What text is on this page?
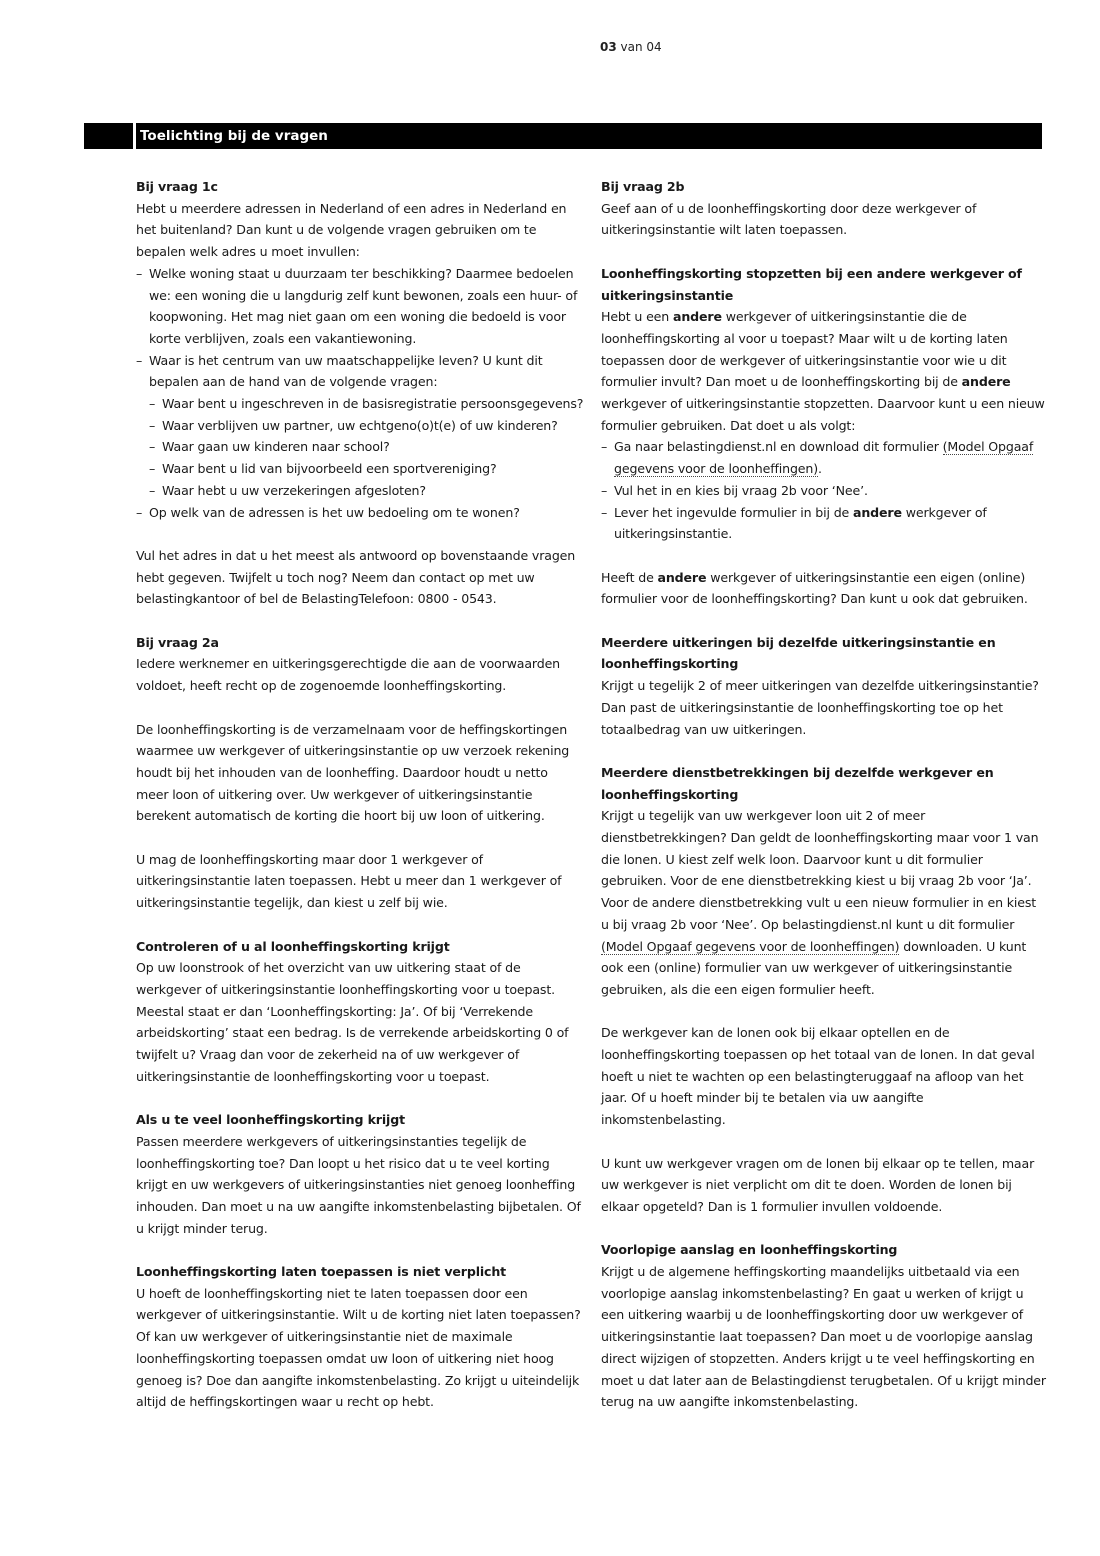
03 van 04
Toelichting bij de vragen

Bij vraag 1c

Hebt u meerdere adressen in Nederland of een adres in Nederland en het buitenland? Dan kunt u de volgende vragen gebruiken om te bepalen welk adres u moet invullen:

– Welke woning staat u duurzaam ter beschikking? Daarmee bedoelen we: een woning die u langdurig zelf kunt bewonen, zoals een huur- of koopwoning. Het mag niet gaan om een woning die bedoeld is voor korte verblijven, zoals een vakantiewoning.
– Waar is het centrum van uw maatschappelijke leven? U kunt dit bepalen aan de hand van de volgende vragen:
– Waar bent u ingeschreven in de basisregistratie persoonsgegevens?
– Waar verblijven uw partner, uw echtgeno(o)t(e) of uw kinderen?
– Waar gaan uw kinderen naar school?
– Waar bent u lid van bijvoorbeeld een sportvereniging?
– Waar hebt u uw verzekeringen afgesloten?
– Op welk van de adressen is het uw bedoeling om te wonen?

Vul het adres in dat u het meest als antwoord op bovenstaande vragen hebt gegeven. Twijfelt u toch nog? Neem dan contact op met uw belastingkantoor of bel de BelastingTelefoon: 0800 - 0543.

Bij vraag 2a

Iedere werknemer en uitkeringsgerechtigde die aan de voorwaarden voldoet, heeft recht op de zogenoemde loonheffingskorting.

De loonheffingskorting is de verzamelnaam voor de heffingskortingen waarmee uw werkgever of uitkeringsinstantie op uw verzoek rekening houdt bij het inhouden van de loonheffing. Daardoor houdt u netto meer loon of uitkering over. Uw werkgever of uitkeringsinstantie berekent automatisch de korting die hoort bij uw loon of uitkering.

U mag de loonheffingskorting maar door 1 werkgever of uitkeringsinstantie laten toepassen. Hebt u meer dan 1 werkgever of uitkeringsinstantie tegelijk, dan kiest u zelf bij wie.

Controleren of u al loonheffingskorting krijgt

Op uw loonstrook of het overzicht van uw uitkering staat of de werkgever of uitkeringsinstantie loonheffingskorting voor u toepast. Meestal staat er dan ‘Loonheffingskorting: Ja’. Of bij ‘Verrekende arbeidskorting’ staat een bedrag. Is de verrekende arbeidskorting 0 of twijfelt u? Vraag dan voor de zekerheid na of uw werkgever of uitkeringsinstantie de loonheffingskorting voor u toepast.

Als u te veel loonheffingskorting krijgt

Passen meerdere werkgevers of uitkeringsinstanties tegelijk de loonheffingskorting toe? Dan loopt u het risico dat u te veel korting krijgt en uw werkgevers of uitkeringsinstanties niet genoeg loonheffing inhouden. Dan moet u na uw aangifte inkomstenbelasting bijbetalen. Of u krijgt minder terug.

Loonheffingskorting laten toepassen is niet verplicht

U hoeft de loonheffingskorting niet te laten toepassen door een werkgever of uitkeringsinstantie. Wilt u de korting niet laten toepassen? Of kan uw werkgever of uitkeringsinstantie niet de maximale loonheffingskorting toepassen omdat uw loon of uitkering niet hoog genoeg is? Doe dan aangifte inkomstenbelasting. Zo krijgt u uiteindelijk altijd de heffingskortingen waar u recht op hebt.

Bij vraag 2b

Geef aan of u de loonheffingskorting door deze werkgever of uitkeringsinstantie wilt laten toepassen.

Loonheffingskorting stopzetten bij een andere werkgever of uitkeringsinstantie

Hebt u een andere werkgever of uitkeringsinstantie die de loonheffingskorting al voor u toepast? Maar wilt u de korting laten toepassen door de werkgever of uitkeringsinstantie voor wie u dit formulier invult? Dan moet u de loonheffingskorting bij de andere werkgever of uitkeringsinstantie stopzetten. Daarvoor kunt u een nieuw formulier gebruiken. Dat doet u als volgt:

– Ga naar belastingdienst.nl en download dit formulier (Model Opgaaf gegevens voor de loonheffingen).
– Vul het in en kies bij vraag 2b voor ‘Nee’.
– Lever het ingevulde formulier in bij de andere werkgever of uitkeringsinstantie.

Heeft de andere werkgever of uitkeringsinstantie een eigen (online) formulier voor de loonheffingskorting? Dan kunt u ook dat gebruiken.

Meerdere uitkeringen bij dezelfde uitkeringsinstantie en loonheffingskorting

Krijgt u tegelijk 2 of meer uitkeringen van dezelfde uitkeringsinstantie? Dan past de uitkeringsinstantie de loonheffingskorting toe op het totaalbedrag van uw uitkeringen.

Meerdere dienstbetrekkingen bij dezelfde werkgever en loonheffingskorting

Krijgt u tegelijk van uw werkgever loon uit 2 of meer dienstbetrekkingen? Dan geldt de loonheffingskorting maar voor 1 van die lonen. U kiest zelf welk loon. Daarvoor kunt u dit formulier gebruiken. Voor de ene dienstbetrekking kiest u bij vraag 2b voor ‘Ja’. Voor de andere dienstbetrekking vult u een nieuw formulier in en kiest u bij vraag 2b voor ‘Nee’. Op belastingdienst.nl kunt u dit formulier (Model Opgaaf gegevens voor de loonheffingen) downloaden. U kunt ook een (online) formulier van uw werkgever of uitkeringsinstantie gebruiken, als die een eigen formulier heeft.

De werkgever kan de lonen ook bij elkaar optellen en de loonheffingskorting toepassen op het totaal van de lonen. In dat geval hoeft u niet te wachten op een belastingteruggaaf na afloop van het jaar. Of u hoeft minder bij te betalen via uw aangifte inkomstenbelasting.

U kunt uw werkgever vragen om de lonen bij elkaar op te tellen, maar uw werkgever is niet verplicht om dit te doen. Worden de lonen bij elkaar opgeteld? Dan is 1 formulier invullen voldoende.

Voorlopige aanslag en loonheffingskorting

Krijgt u de algemene heffingskorting maandelijks uitbetaald via een voorlopige aanslag inkomstenbelasting? En gaat u werken of krijgt u een uitkering waarbij u de loonheffingskorting door uw werkgever of uitkeringsinstantie laat toepassen? Dan moet u de voorlopige aanslag direct wijzigen of stopzetten. Anders krijgt u te veel heffingskorting en moet u dat later aan de Belastingdienst terugbetalen. Of u krijgt minder terug na uw aangifte inkomstenbelasting.
